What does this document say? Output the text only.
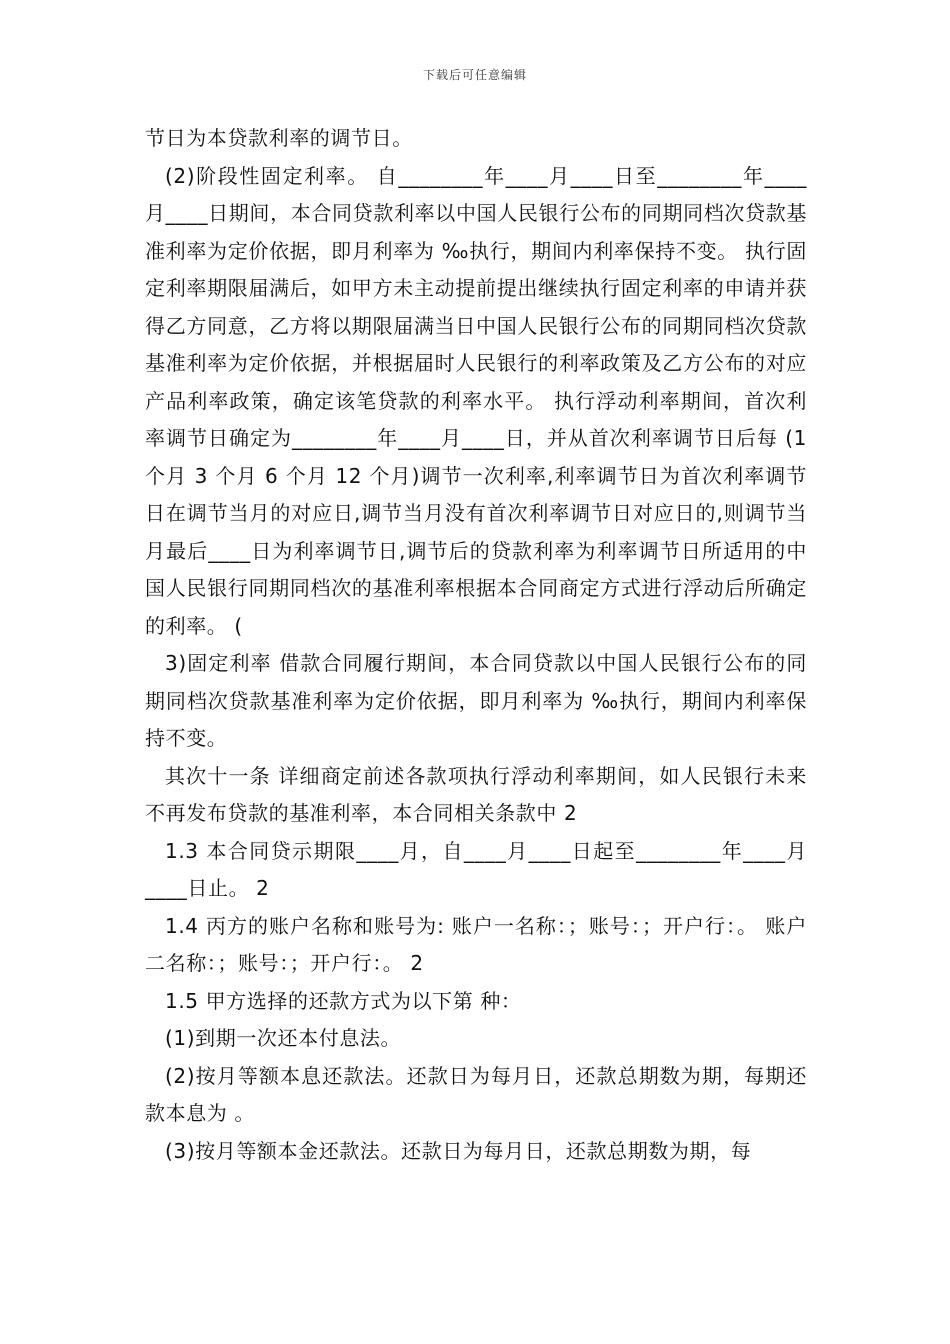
下载后可任意编辑

节日为本贷款利率的调节日。

(2)阶段性固定利率。 自________年____月____日至________年____月____日期间，本合同贷款利率以中国人民银行公布的同期同档次贷款基准利率为定价依据，即月利率为 ‰执行，期间内利率保持不变。 执行固定利率期限届满后，如甲方未主动提前提出继续执行固定利率的申请并获得乙方同意，乙方将以期限届满当日中国人民银行公布的同期同档次贷款基准利率为定价依据，并根据届时人民银行的利率政策及乙方公布的对应产品利率政策，确定该笔贷款的利率水平。 执行浮动利率期间，首次利率调节日确定为________年____月____日，并从首次利率调节日后每 (1 个月 3 个月 6 个月 12 个月)调节一次利率,利率调节日为首次利率调节日在调节当月的对应日,调节当月没有首次利率调节日对应日的,则调节当月最后____日为利率调节日,调节后的贷款利率为利率调节日所适用的中国人民银行同期同档次的基准利率根据本合同商定方式进行浮动后所确定的利率。 (

3)固定利率 借款合同履行期间，本合同贷款以中国人民银行公布的同期同档次贷款基准利率为定价依据，即月利率为 ‰执行，期间内利率保持不变。

其次十一条 详细商定前述各款项执行浮动利率期间，如人民银行未来不再发布贷款的基准利率，本合同相关条款中 2

1.3 本合同贷示期限____月，自____月____日起至________年____月____日止。 2

1.4 丙方的账户名称和账号为: 账户一名称：；账号：；开户行：。 账户二名称：；账号：；开户行：。 2

1.5 甲方选择的还款方式为以下第 种：

(1)到期一次还本付息法。

(2)按月等额本息还款法。还款日为每月日，还款总期数为期，每期还款本息为 。

(3)按月等额本金还款法。还款日为每月日，还款总期数为期，每
